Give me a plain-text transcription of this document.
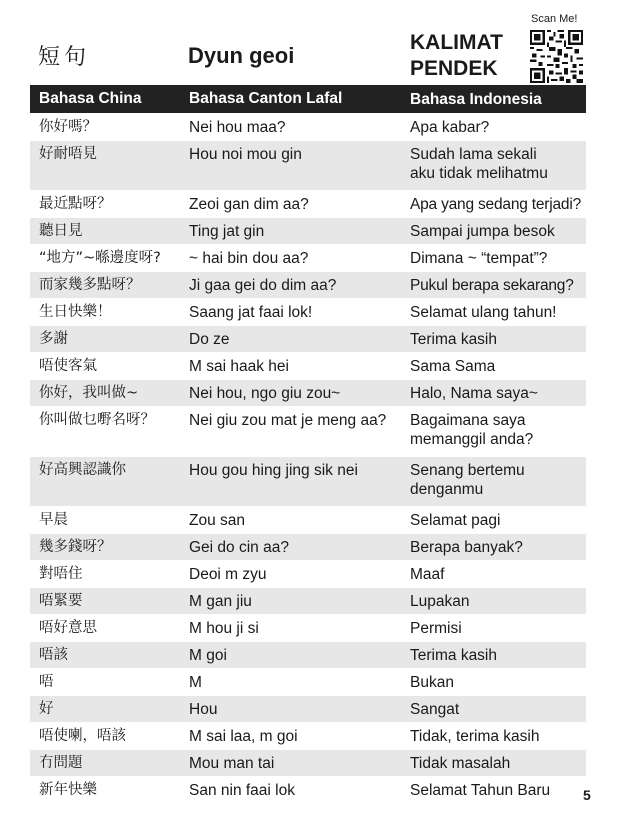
短句	Dyun geoi
KALIMAT
PENDEK
Scan Me!
Bahasa China	Bahasa Canton Lafal	Bahasa Indonesia
你好嗎？	Nei hou maa?	Apa kabar?
好耐唔見	Hou noi mou gin	Sudah lama sekali
aku tidak melihatmu
最近點呀？	Zeoi gan dim aa?	Apa yang sedang terjadi?
聽日見	Ting jat gin	Sampai jumpa besok
“地方”~喺邊度呀?	~ hai bin dou aa?	Dimana ~ “tempat”?
而家幾多點呀？	Ji gaa gei do dim aa?	Pukul berapa sekarang?
生日快樂！	Saang jat faai lok!	Selamat ulang tahun!
多謝	Do ze	Terima kasih
唔使客氣	M sai haak hei	Sama Sama
你好，我叫做~	Nei hou, ngo giu zou~	Halo, Nama saya~
你叫做乜嘢名呀？	Nei giu zou mat je meng aa?	Bagaimana saya
memanggil anda?
好高興認識你	Hou gou hing jing sik nei	Senang bertemu
denganmu
早晨	Zou san	Selamat pagi
幾多錢呀？	Gei do cin aa?	Berapa banyak?
對唔住	Deoi m zyu	Maaf
唔緊要	M gan jiu	Lupakan
唔好意思	M hou ji si	Permisi
唔該	M goi	Terima kasih
唔	M	Bukan
好	Hou	Sangat
唔使喇，唔該	M sai laa, m goi	Tidak, terima kasih
冇問題	Mou man tai	Tidak masalah
新年快樂	San nin faai lok	Selamat Tahun Baru	5
